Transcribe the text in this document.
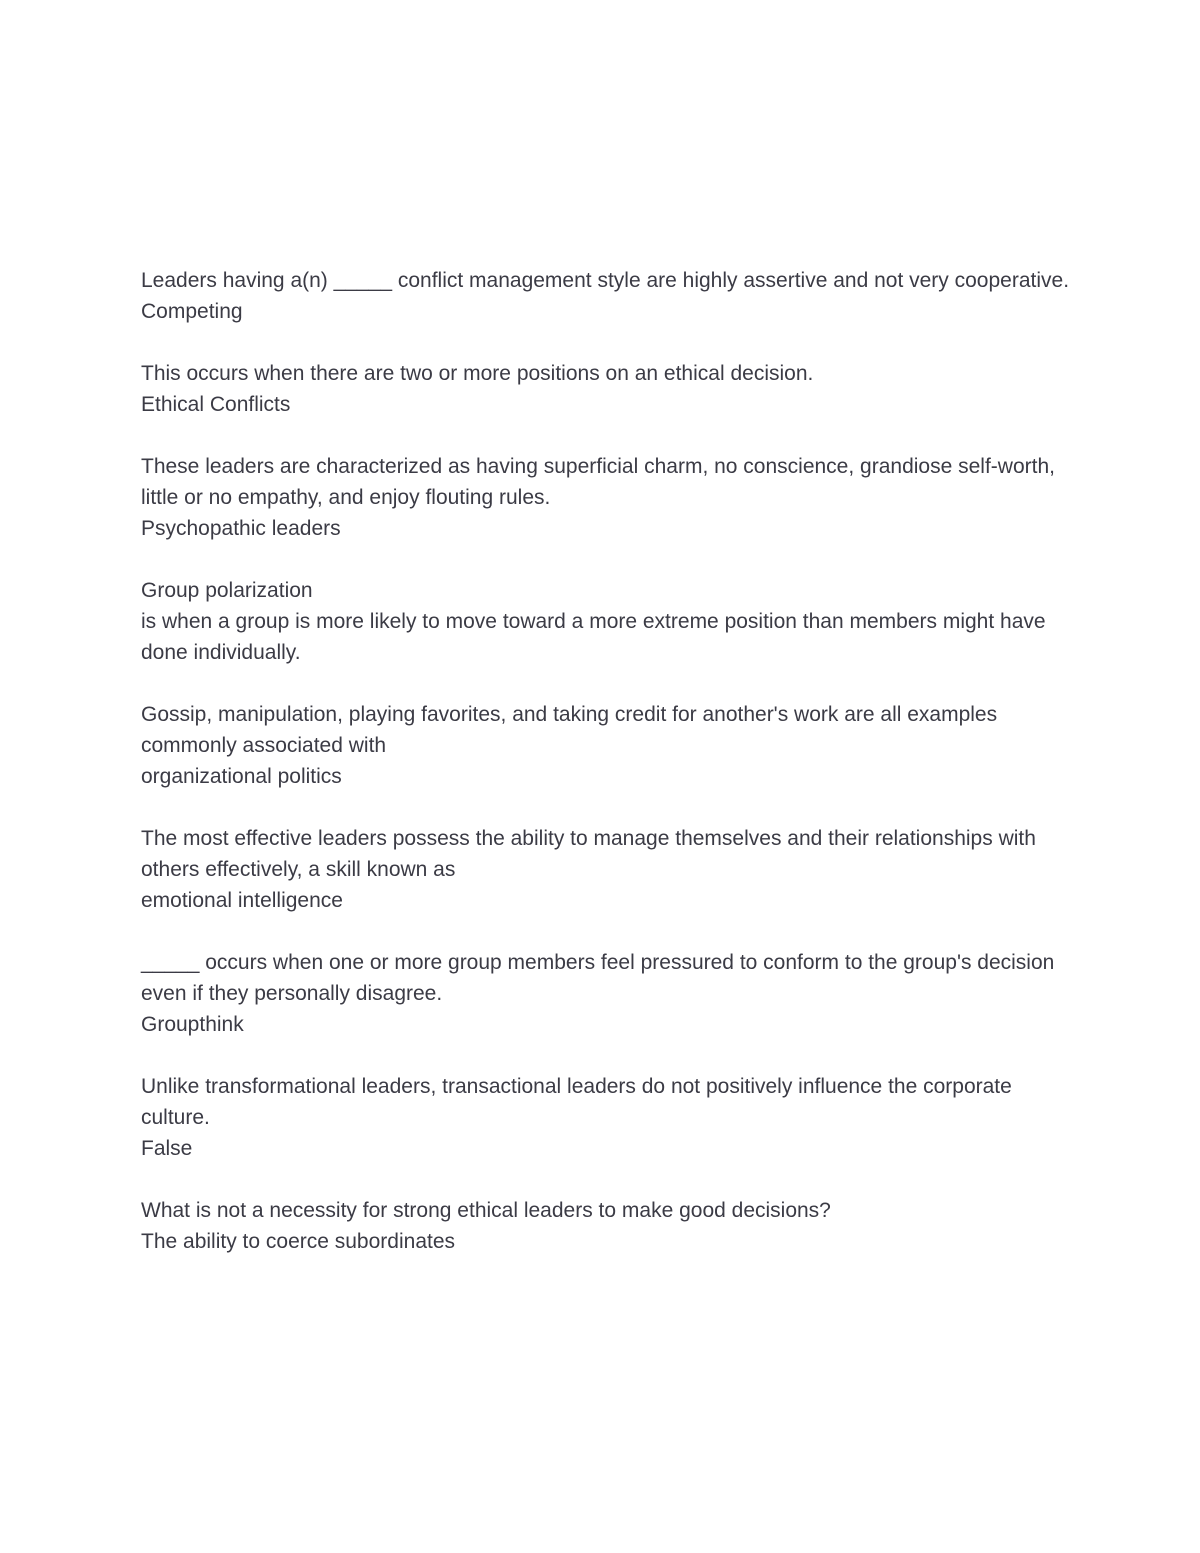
Leaders having a(n) _____ conflict management style are highly assertive and not very cooperative.

Competing

This occurs when there are two or more positions on an ethical decision.

Ethical Conflicts

These leaders are characterized as having superficial charm, no conscience, grandiose self-worth, little or no empathy, and enjoy flouting rules.

Psychopathic leaders

Group polarization

is when a group is more likely to move toward a more extreme position than members might have done individually.

Gossip, manipulation, playing favorites, and taking credit for another's work are all examples commonly associated with

organizational politics

The most effective leaders possess the ability to manage themselves and their relationships with others effectively, a skill known as

emotional intelligence

_____ occurs when one or more group members feel pressured to conform to the group's decision even if they personally disagree.

Groupthink

Unlike transformational leaders, transactional leaders do not positively influence the corporate culture.

False

What is not a necessity for strong ethical leaders to make good decisions?

The ability to coerce subordinates
